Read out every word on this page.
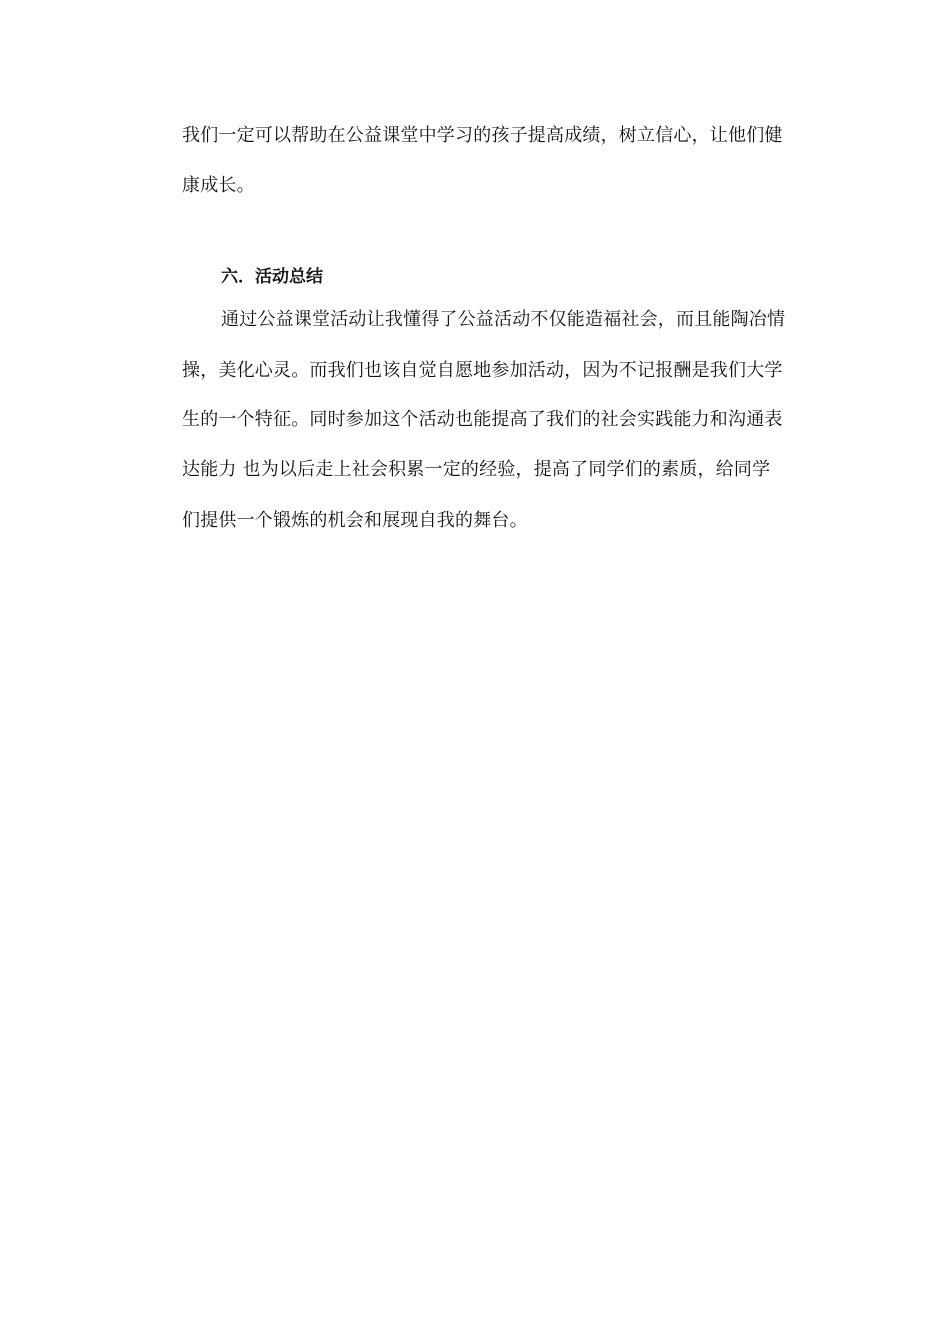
我们一定可以帮助在公益课堂中学习的孩子提高成绩，树立信心，让他们健
康成长。
六．活动总结
通过公益课堂活动让我懂得了公益活动不仅能造福社会，而且能陶冶情
操，美化心灵。而我们也该自觉自愿地参加活动，因为不记报酬是我们大学
生的一个特征。同时参加这个活动也能提高了我们的社会实践能力和沟通表
达能力 也为以后走上社会积累一定的经验，提高了同学们的素质，给同学
们提供一个锻炼的机会和展现自我的舞台。
